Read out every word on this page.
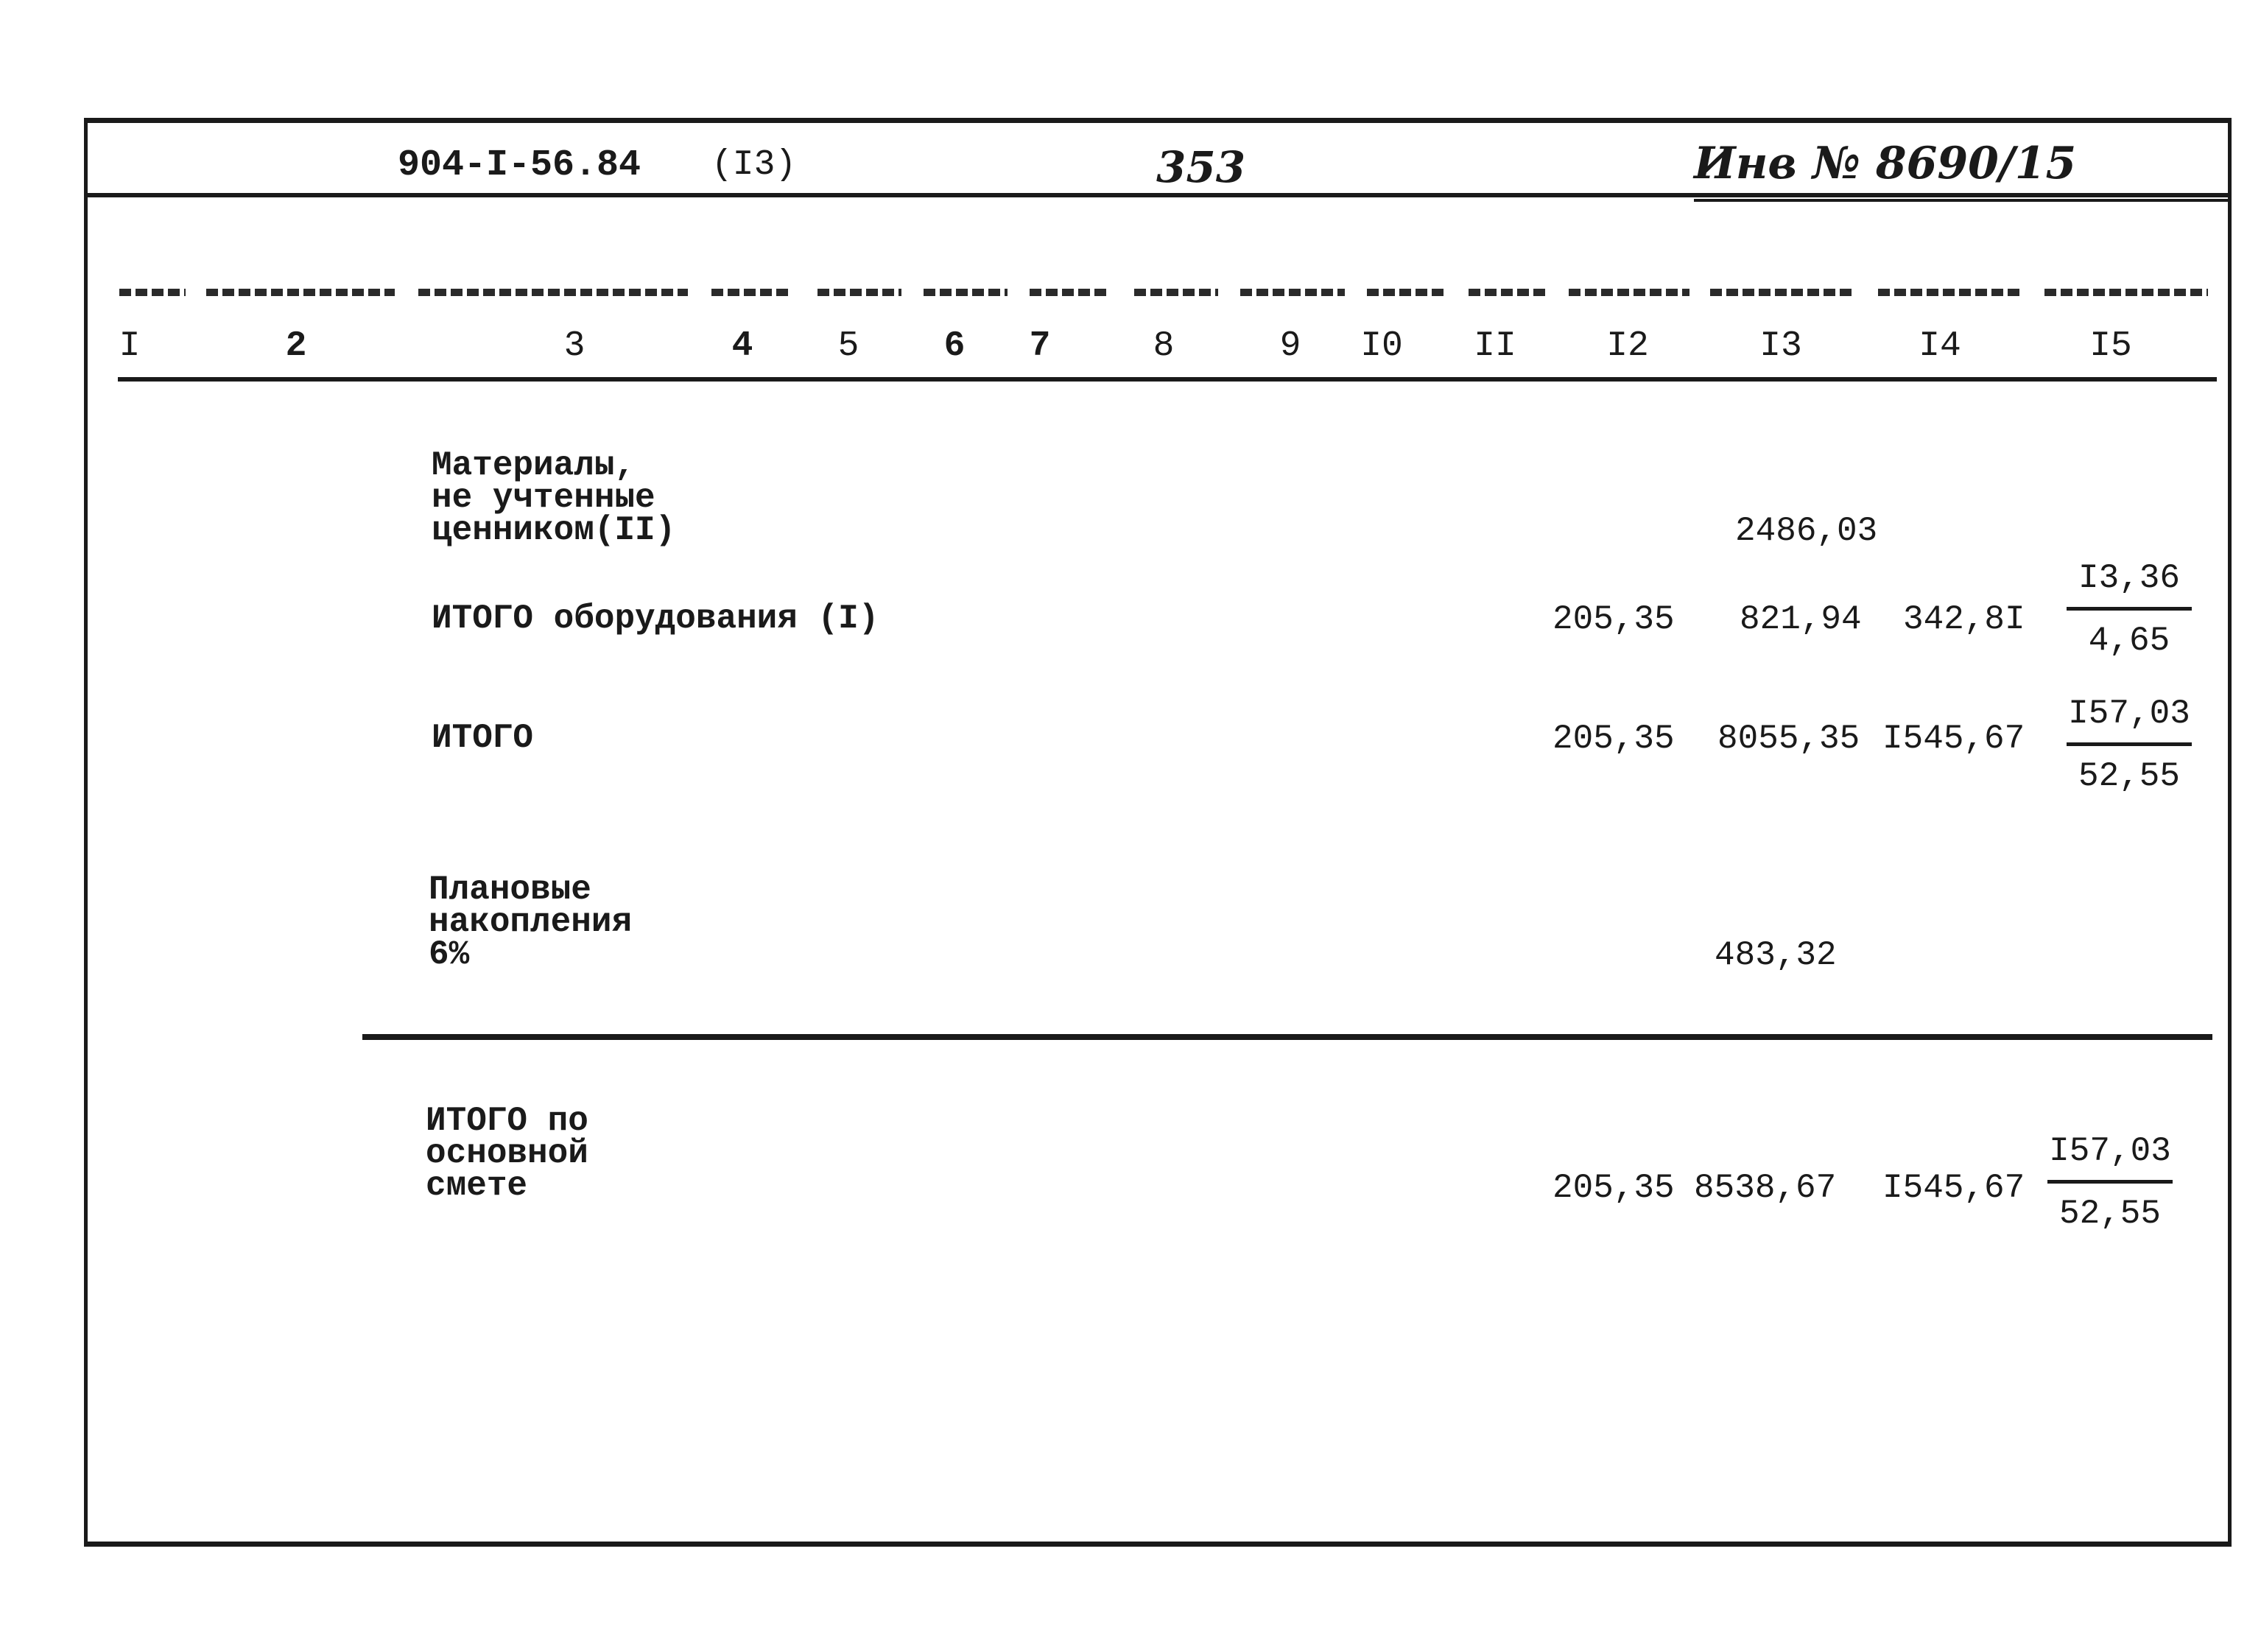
904-I-56.84 (I3)	353	Инв № 8690/15
I	2	3	4	5	6	7	8	9	I0	II	I2	I3	I4	I5
Материалы,
не учтенные
ценником(II)	2486,03
ИТОГО оборудования (I)	205,35 821,94 342,8I
I3,36
4,65
ИТОГО	205,35 8055,35 I545,67
I57,03
52,55
Плановые
накопления
6%	483,32
ИТОГО по
основной
смете	205,35 8538,67 I545,67
I57,03
52,55
